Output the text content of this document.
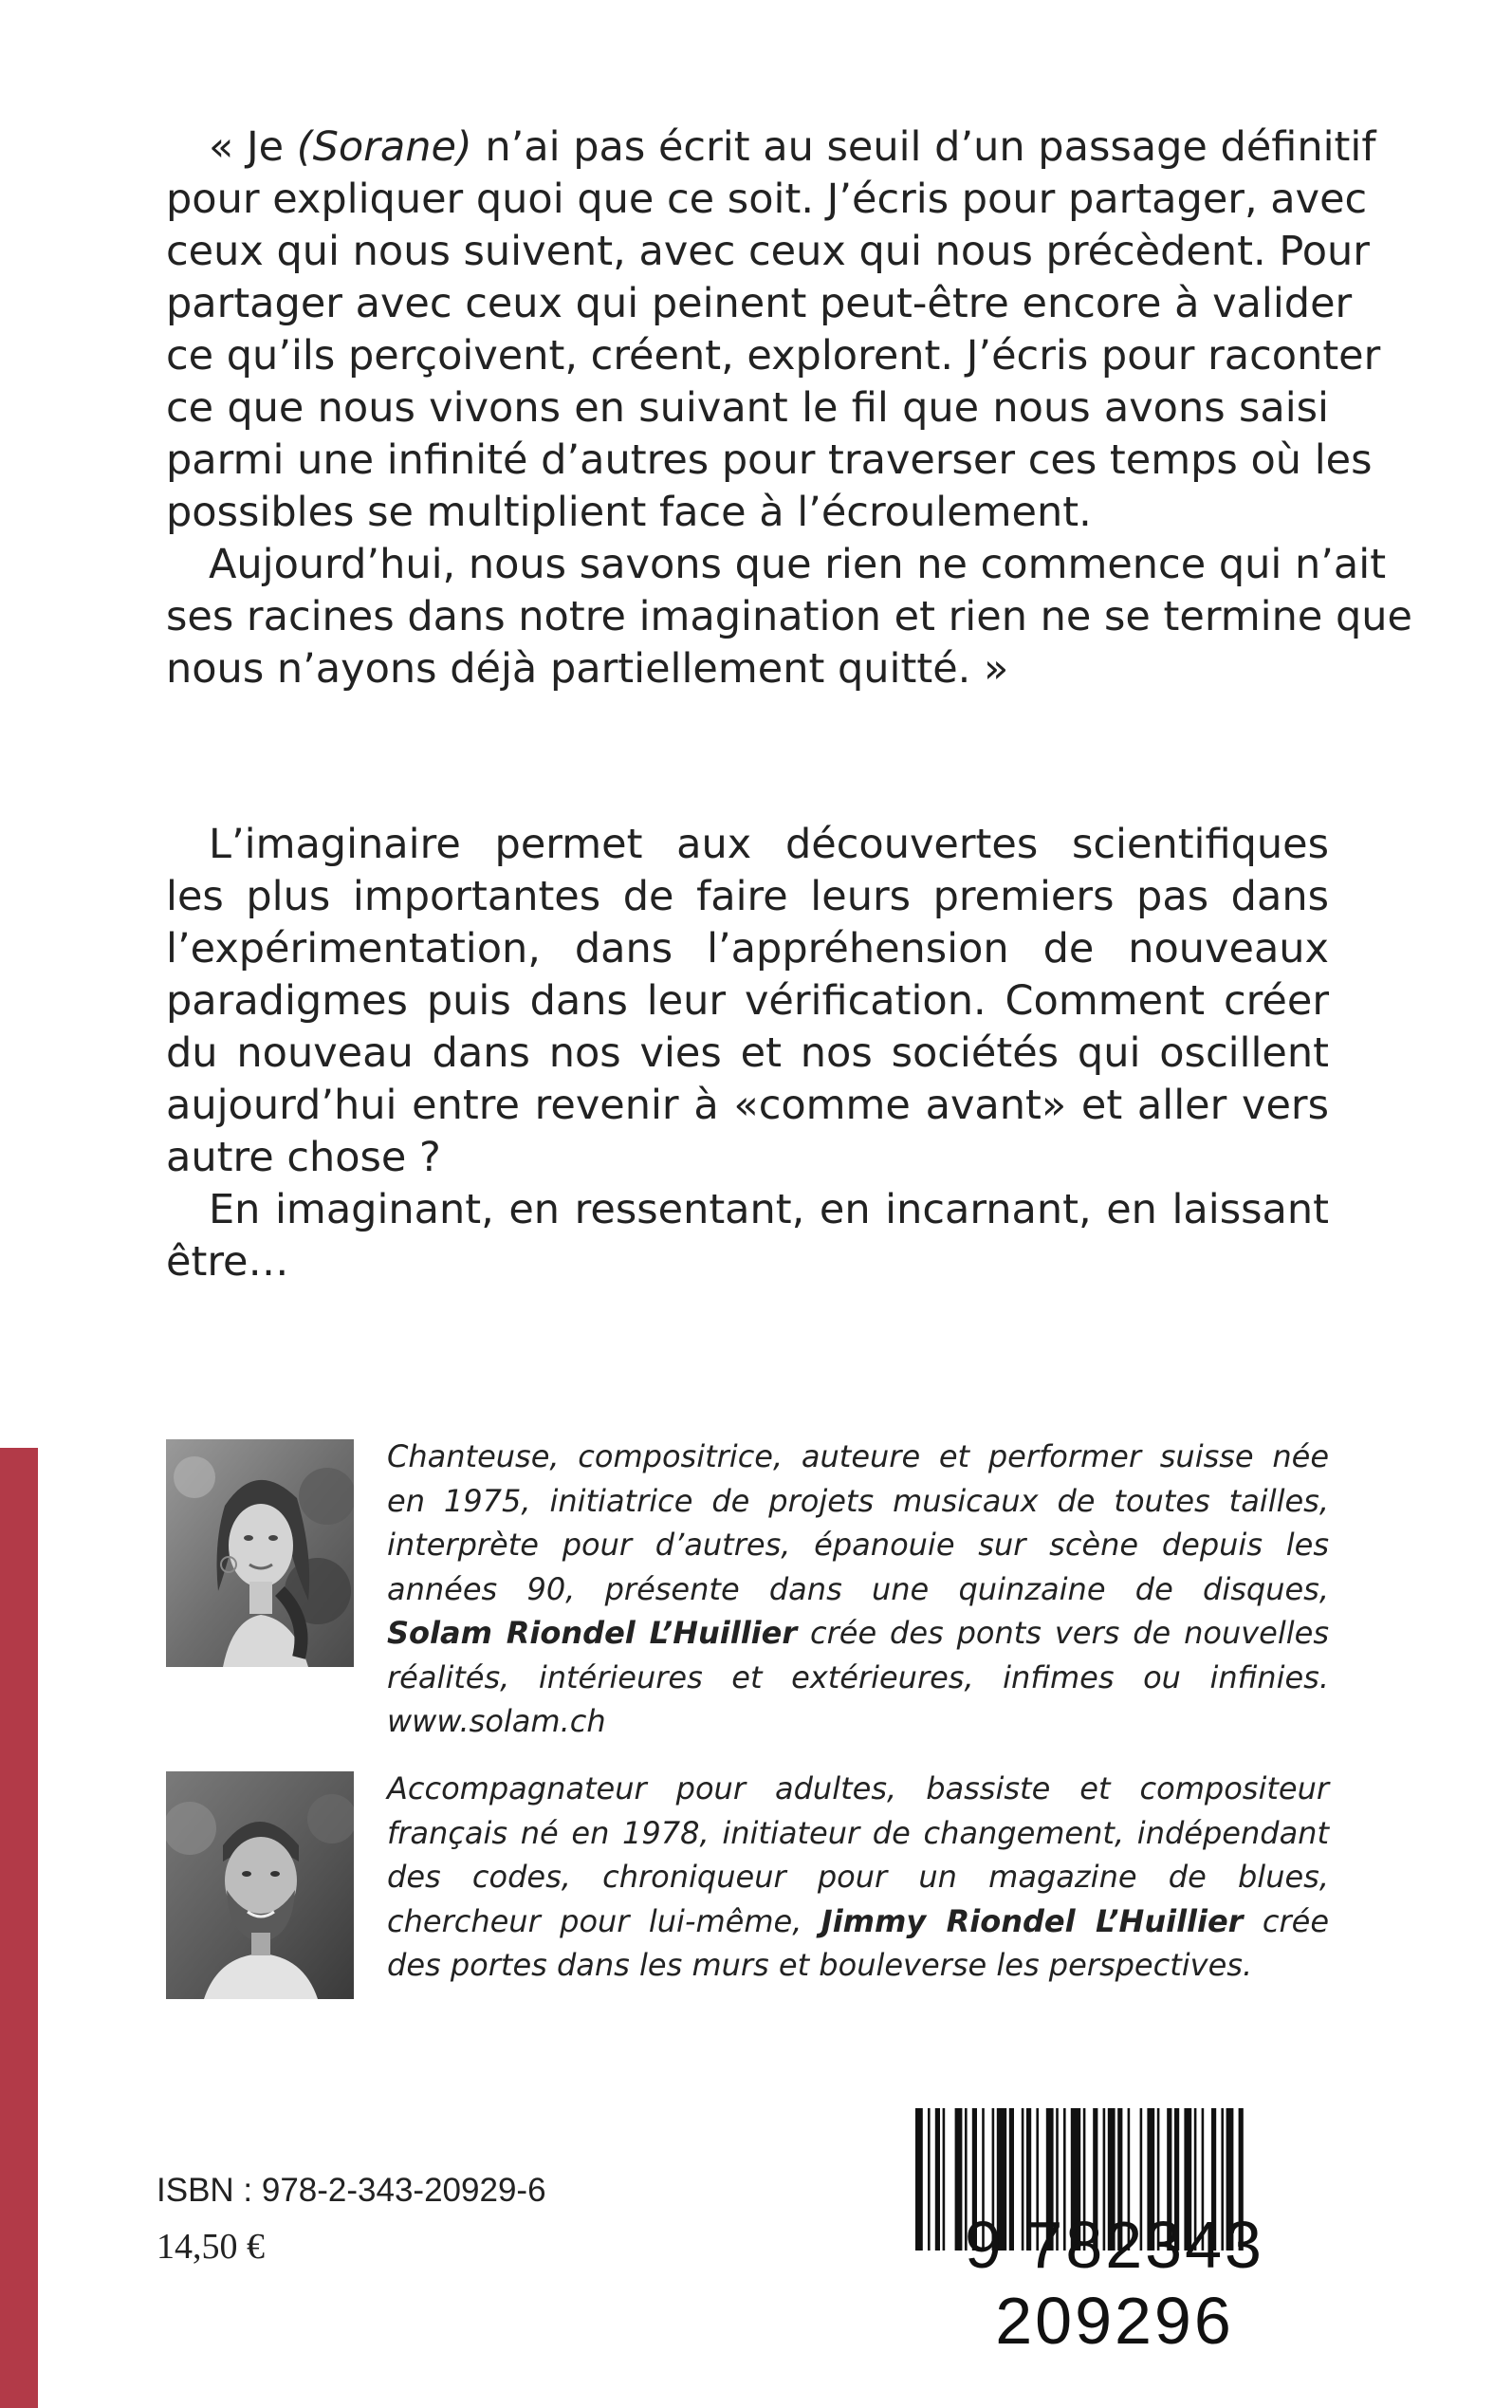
« Je (Sorane) n’ai pas écrit au seuil d’un passage définitif
pour expliquer quoi que ce soit. J’écris pour partager, avec
ceux qui nous suivent, avec ceux qui nous précèdent. Pour
partager avec ceux qui peinent peut-être encore à valider
ce qu’ils perçoivent, créent, explorent. J’écris pour raconter
ce que nous vivons en suivant le fil que nous avons saisi
parmi une infinité d’autres pour traverser ces temps où les
possibles se multiplient face à l’écroulement.
Aujourd’hui, nous savons que rien ne commence qui n’ait
ses racines dans notre imagination et rien ne se termine que
nous n’ayons déjà partiellement quitté. »
L’imaginaire permet aux découvertes scientifiques
les plus importantes de faire leurs premiers pas dans
l’expérimentation, dans l’appréhension de nouveaux
paradigmes puis dans leur vérification. Comment créer
du nouveau dans nos vies et nos sociétés qui oscillent
aujourd’hui entre revenir à «comme avant» et aller vers
autre chose ?
En imaginant, en ressentant, en incarnant, en laissant
être…
Chanteuse, compositrice, auteure et performer suisse née
en 1975, initiatrice de projets musicaux de toutes tailles,
interprète pour d’autres, épanouie sur scène depuis les
années 90, présente dans une quinzaine de disques,
Solam Riondel L’Huillier crée des ponts vers de nouvelles
réalités, intérieures et extérieures, infimes ou infinies.
www.solam.ch
Accompagnateur pour adultes, bassiste et compositeur
français né en 1978, initiateur de changement, indépendant
des codes, chroniqueur pour un magazine de blues,
chercheur pour lui-même, Jimmy Riondel L’Huillier crée
des portes dans les murs et bouleverse les perspectives.
9 782343 209296
ISBN : 978-2-343-20929-6
14,50 €
